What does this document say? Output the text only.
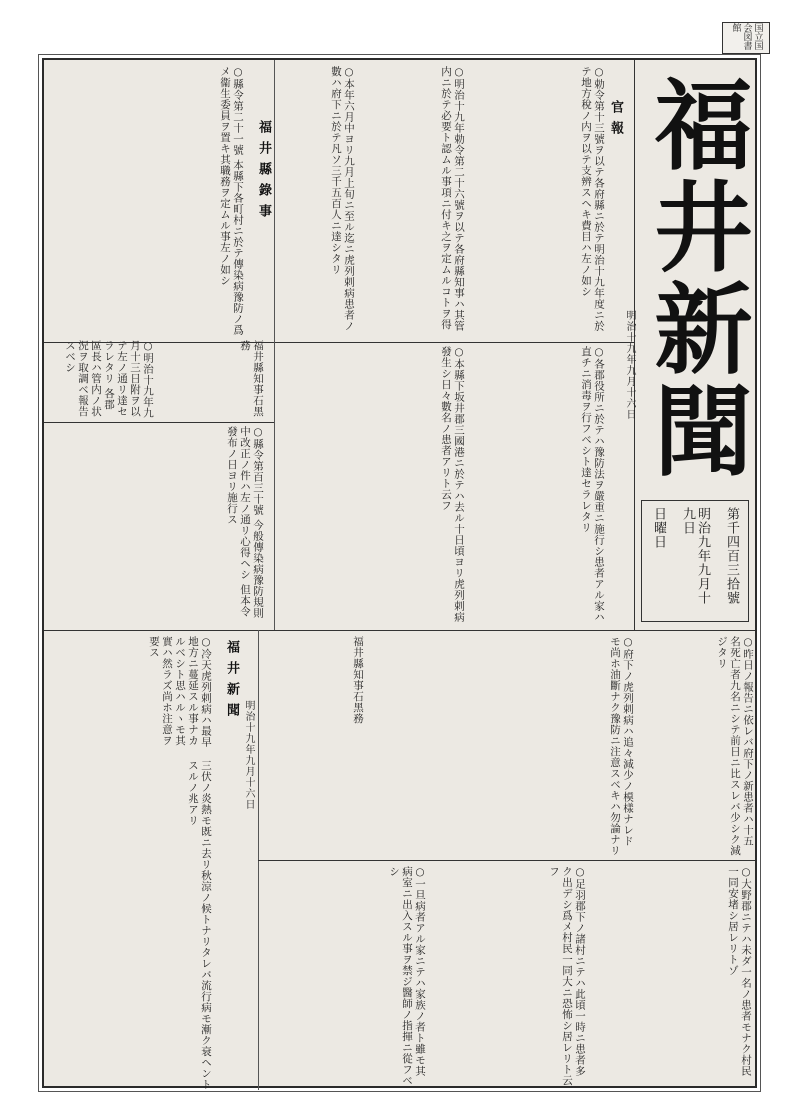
国立国会図書館
福井新聞
第千四百三拾號
明治九年九月十九日
日曜日
官報
明治十九年九月十六日
○勅令第十三號ヲ以テ各府縣ニ於テ明治十九年度ニ於テ地方稅ノ内ヲ以テ支辨スヘキ費目ハ左ノ如シ
○明治十九年勅令第二十六號ヲ以テ各府縣知事ハ其管内ニ於テ必要ト認ムル事項ニ付キ之ヲ定ムルコトヲ得
○本年六月中ヨリ九月上旬ニ至ル迄ニ虎列剌病患者ノ數ハ府下ニ於テ凡ソ三千五百人ニ達シタリ
○各郡役所ニ於テハ豫防法ヲ嚴重ニ施行シ患者アル家ハ直チニ消毒ヲ行フベシト達セラレタリ
○本縣下坂井郡三國港ニ於テハ去ル十日頃ヨリ虎列剌病發生シ日々數名ノ患者アリト云フ
福井縣錄事
○縣令第二十一號 本縣下各町村ニ於テ傳染病豫防ノ爲メ衞生委員ヲ置キ其職務ヲ定ムル事左ノ如シ
○明治十九年九月十三日附ヲ以テ左ノ通リ達セラレタリ 各郡區長ハ管内ノ状況ヲ取調ベ報告スベシ	福井縣知事石黑務
○縣令第百三十號 今般傳染病豫防規則中改正ノ件ハ左ノ通リ心得ヘシ 但本令發布ノ日ヨリ施行ス
福井新聞
明治十九年九月十六日
○冷天虎列剌病ハ最早地方ニ蔓延スル事ナカルベシト思ハルヽモ其實ハ然ラズ尚ホ注意ヲ要ス
三伏ノ炎熱モ既ニ去リ秋涼ノ候トナリタレバ流行病モ漸ク衰ヘントスルノ兆アリ
福井縣知事石黑務	○府下ノ虎列剌病ハ追々減少ノ模樣ナレドモ尚ホ油斷ナク豫防ニ注意スベキハ勿論ナリ	○昨日ノ報告ニ依レバ府下ノ新患者ハ十五名死亡者九名ニシテ前日ニ比スレバ少シク減ジタリ
○一旦病者アル家ニテハ家族ノ者ト雖モ其病室ニ出入スル事ヲ禁ジ醫師ノ指揮ニ從フベシ	○足羽郡下ノ諸村ニテハ此頃一時ニ患者多ク出デシ爲メ村民一同大ニ恐怖シ居レリト云フ	○大野郡ニテハ未ダ一名ノ患者モナク村民一同安堵シ居レリトゾ
